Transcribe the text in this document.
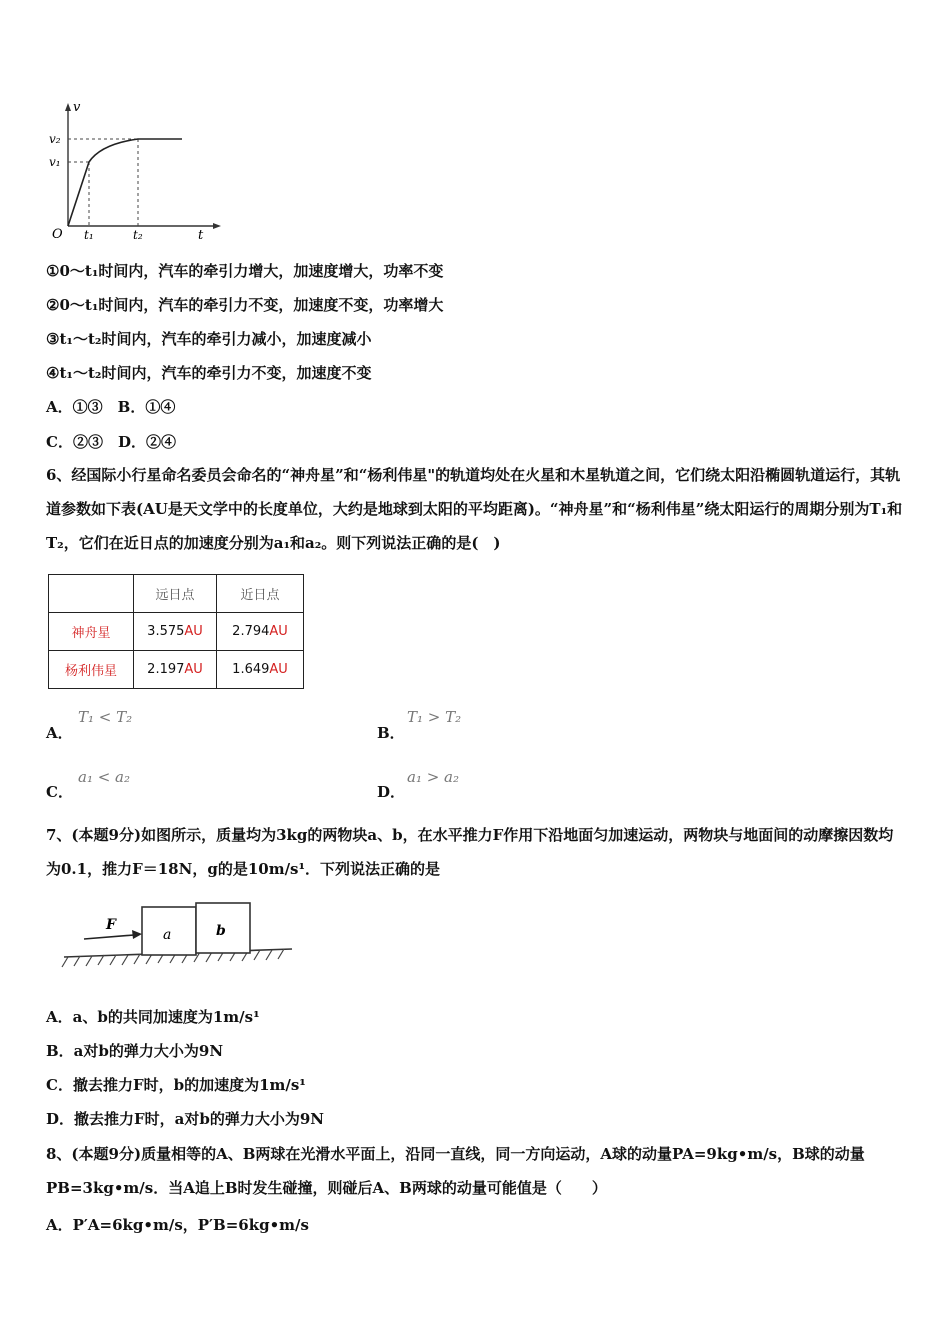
v
v₂
v₁
O t₁	t₂	t
①0～t₁时间内，汽车的牵引力增大，加速度增大，功率不变
②0～t₁时间内，汽车的牵引力不变，加速度不变，功率增大
③t₁～t₂时间内，汽车的牵引力减小，加速度减小
④t₁～t₂时间内，汽车的牵引力不变，加速度不变
A．①③　B．①④
C．②③　D．②④
6、经国际小行星命名委员会命名的“神舟星”和“杨利伟星"的轨道均处在火星和木星轨道之间，它们绕太阳沿椭圆轨道运行，其轨道参数如下表(AU是天文学中的长度单位，大约是地球到太阳的平均距离)。“神舟星”和“杨利伟星”绕太阳运行的周期分别为T₁和T₂，它们在近日点的加速度分别为a₁和a₂。则下列说法正确的是(　)
	远日点	近日点
神舟星	3.575AU	2.794AU
杨利伟星	2.197AU	1.649AU
A．
T₁ < T₂
B．
T₁ > T₂
C．
a₁ < a₂
D．
a₁ > a₂
7、(本题9分)如图所示，质量均为3kg的两物块a、b，在水平推力F作用下沿地面匀加速运动，两物块与地面间的动摩擦因数均为0.1，推力F＝18N，g的是10m/s¹．下列说法正确的是
F
a	b
A．a、b的共同加速度为1m/s¹
B．a对b的弹力大小为9N
C．撤去推力F时，b的加速度为1m/s¹
D．撤去推力F时，a对b的弹力大小为9N
8、(本题9分)质量相等的A、B两球在光滑水平面上，沿同一直线，同一方向运动，A球的动量PA=9kg•m/s，B球的动量PB=3kg•m/s．当A追上B时发生碰撞，则碰后A、B两球的动量可能值是（　　）
A．P′A=6kg•m/s，P′B=6kg•m/s
